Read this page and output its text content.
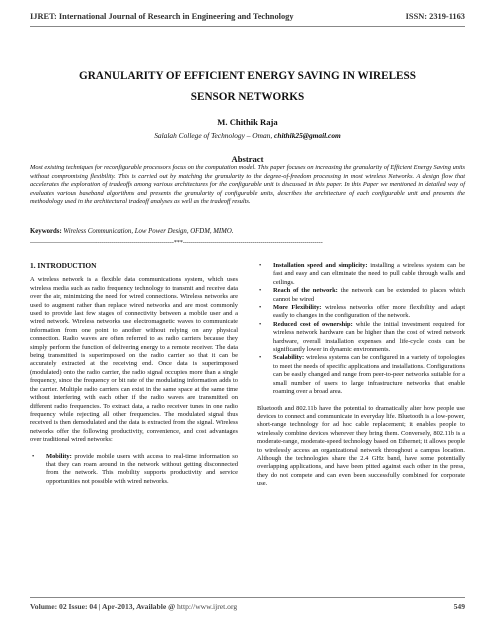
IJRET: International Journal of Research in Engineering and Technology	ISSN: 2319-1163
GRANULARITY OF EFFICIENT ENERGY SAVING IN WIRELESS
SENSOR NETWORKS
M. Chithik Raja
Salalah College of Technology – Oman, chithik25@gmail.com
Abstract
Most existing techniques for reconfigurable processors focus on the computation model. This paper focuses on increasing the granularity of Efficient Energy Saving units without compromising flexibility. This is carried out by matching the granularity to the degree-of-freedom processing in most wireless Networks. A design flow that accelerates the exploration of tradeoffs among various architectures for the configurable unit is discussed in this paper. In this Paper we mentioned in detailed way of evaluates various baseband algorithms and presents the granularity of configurable units, describes the architecture of each configurable unit and presents the methodology used in the architectural tradeoff analyses as well as the tradeoff results.
Keywords: Wireless Communication, Low Power Design, OFDM, MIMO.
------------------------------------------------------------------------***----------------------------------------------------------------------
1. INTRODUCTION

A wireless network is a flexible data communications system, which uses wireless media such as radio frequency technology to transmit and receive data over the air, minimizing the need for wired connections. Wireless networks are used to augment rather than replace wired networks and are most commonly used to provide last few stages of connectivity between a mobile user and a wired network. Wireless networks use electromagnetic waves to communicate information from one point to another without relying on any physical connection. Radio waves are often referred to as radio carriers because they simply perform the function of delivering energy to a remote receiver. The data being transmitted is superimposed on the radio carrier so that it can be accurately extracted at the receiving end. Once data is superimposed (modulated) onto the radio carrier, the radio signal occupies more than a single frequency, since the frequency or bit rate of the modulating information adds to the carrier. Multiple radio carriers can exist in the same space at the same time without interfering with each other if the radio waves are transmitted on different radio frequencies. To extract data, a radio receiver tunes in one radio frequency while rejecting all other frequencies. The modulated signal thus received is then demodulated and the data is extracted from the signal. Wireless networks offer the following productivity, convenience, and cost advantages over traditional wired networks:

• Mobility: provide mobile users with access to real-time information so that they can roam around in the network without getting disconnected from the network. This mobility supports productivity and service opportunities not possible with wired networks.
• Installation speed and simplicity: installing a wireless system can be fast and easy and can eliminate the need to pull cable through walls and ceilings.
• Reach of the network: the network can be extended to places which cannot be wired
• More Flexibility: wireless networks offer more flexibility and adapt easily to changes in the configuration of the network.
• Reduced cost of ownership: while the initial investment required for wireless network hardware can be higher than the cost of wired network hardware, overall installation expenses and life-cycle costs can be significantly lower in dynamic environments.
• Scalability: wireless systems can be configured in a variety of topologies to meet the needs of specific applications and installations. Configurations can be easily changed and range from peer-to-peer networks suitable for a small number of users to large infrastructure networks that enable roaming over a broad area.

Bluetooth and 802.11b have the potential to dramatically alter how people use devices to connect and communicate in everyday life. Bluetooth is a low-power, short-range technology for ad hoc cable replacement; it enables people to wirelessly combine devices wherever they bring them. Conversely, 802.11b is a moderate-range, moderate-speed technology based on Ethernet; it allows people to wirelessly access an organizational network throughout a campus location. Although the technologies share the 2.4 GHz band, have some potentially overlapping applications, and have been pitted against each other in the press, they do not compete and can even been successfully combined for corporate use.

Volume: 02 Issue: 04 | Apr-2013, Available @ http://www.ijret.org	549
